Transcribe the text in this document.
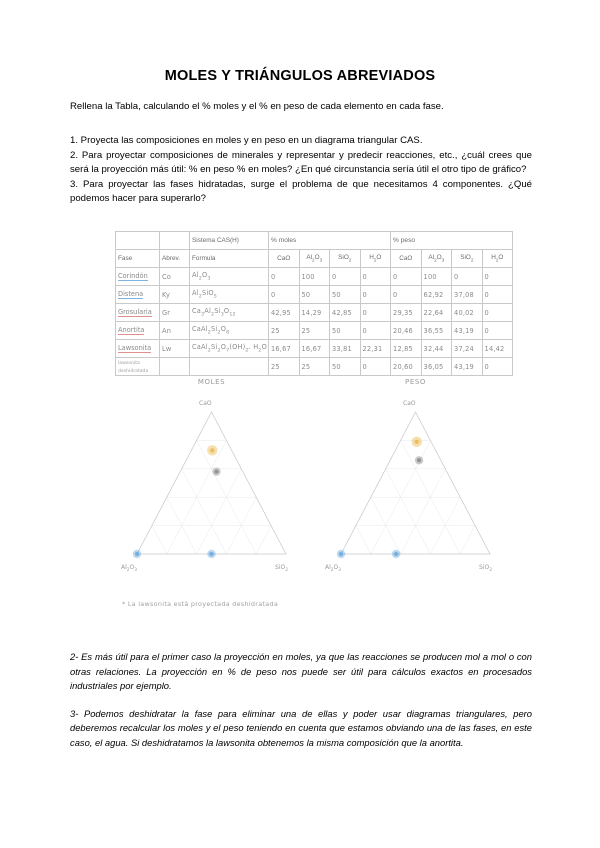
MOLES Y TRIÁNGULOS ABREVIADOS
Rellena la Tabla, calculando el % moles y el % en peso de cada elemento en cada fase.

1. Proyecta las composiciones en moles y en peso en un diagrama triangular CAS.

2. Para proyectar composiciones de minerales y representar y predecir reacciones, etc., ¿cuál crees que será la proyección más útil: % en peso % en moles? ¿En qué circunstancia sería útil el otro tipo de gráfico?

3. Para proyectar las fases hidratadas, surge el problema de que necesitamos 4 componentes. ¿Qué podemos hacer para superarlo?

		Sistema CAS(H)	% moles				% peso			
Fase	Abrev.	Formula	CaO	$Al_2O_3$	SiO$_2$	$H_2O$	CaO	$Al_2O_3$	SiO$_2$	$H_2O$
Corindón	Co	$Al_2O_3$	0	100	0	0	0	100	0	0
Distena	Ky	$Al_2SiO_5$	0	50	50	0	0	62,92	37,08	0
Grosularia	Gr	$Ca_3Al_2Si_3O_{12}$	42,95	14,29	42,85	0	29,35	22,64	40,02	0
Anortita	An	$CaAl_2Si_2O_8$	25	25	50	0	20,46	36,55	43,19	0
Lawsonita	Lw	$CaAl_2Si_2O_7(OH)_2$. $H_2O$	16,67	16,67	33,81	22,31	12,85	32,44	37,24	14,42
lawsonita
deshidratada			25	25	50	0	20,60	36,05	43,19	0
MOLES
CaO
$Al_2O_3$	SiO$_2$
PESO
CaO
$Al_2O_3$	SiO$_2$
* La lawsonita está proyectada deshidratada

2- Es más útil para el primer caso la proyección en moles, ya que las reacciones se producen mol a mol o con otras relaciones. La proyección en % de peso nos puede ser útil para cálculos exactos en procesados industriales por ejemplo.

3- Podemos deshidratar la fase para eliminar una de ellas y poder usar diagramas triangulares, pero deberemos recalcular los moles y el peso teniendo en cuenta que estamos obviando una de las fases, en este caso, el agua. Si deshidratamos la lawsonita obtenemos la misma composición que la anortita.
